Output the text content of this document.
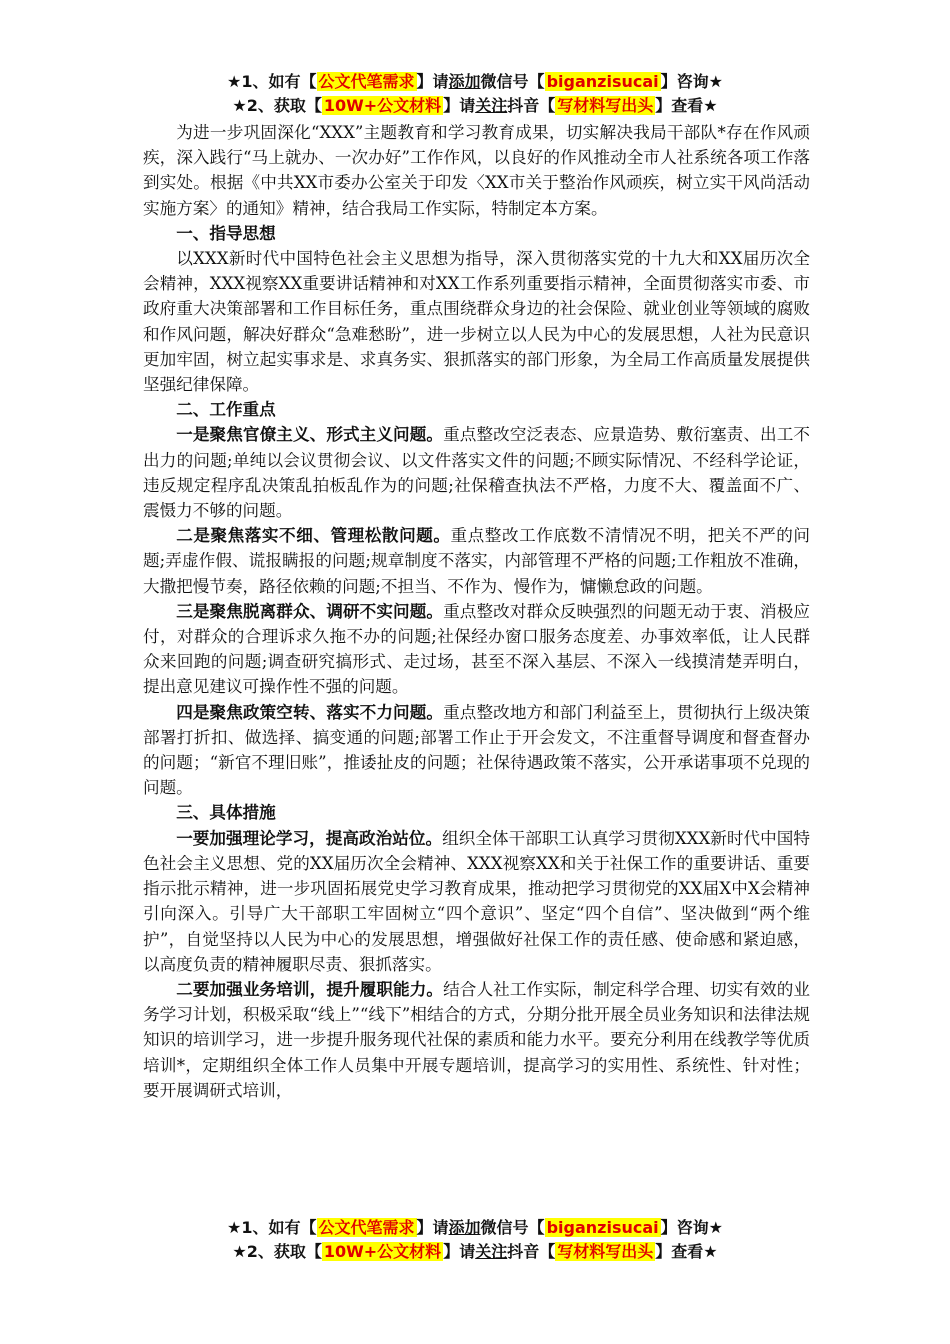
★1、如有【 公文代笔需求 】请添加微信号【 biganzisucai 】咨询★
★2、获取【 10W+公文材料 】请关注抖音【 写材料写出头 】查看★

为进一步巩固深化“XXX”主题教育和学习教育成果，切实解决我局干部队*存在作风顽疾，深入践行“马上就办、一次办好”工作作风，以良好的作风推动全市人社系统各项工作落到实处。根据《中共XX市委办公室关于印发〈XX市关于整治作风顽疾，树立实干风尚活动实施方案〉的通知》精神，结合我局工作实际，特制定本方案。

一、指导思想

以XXX新时代中国特色社会主义思想为指导，深入贯彻落实党的十九大和XX届历次全会精神，XXX视察XX重要讲话精神和对XX工作系列重要指示精神，全面贯彻落实市委、市政府重大决策部署和工作目标任务，重点围绕群众身边的社会保险、就业创业等领域的腐败和作风问题，解决好群众“急难愁盼”，进一步树立以人民为中心的发展思想，人社为民意识更加牢固，树立起实事求是、求真务实、狠抓落实的部门形象，为全局工作高质量发展提供坚强纪律保障。

二、工作重点

一是聚焦官僚主义、形式主义问题。重点整改空泛表态、应景造势、敷衍塞责、出工不出力的问题;单纯以会议贯彻会议、以文件落实文件的问题;不顾实际情况、不经科学论证，违反规定程序乱决策乱拍板乱作为的问题;社保稽查执法不严格，力度不大、覆盖面不广、震慑力不够的问题。

二是聚焦落实不细、管理松散问题。重点整改工作底数不清情况不明，把关不严的问题;弄虚作假、谎报瞒报的问题;规章制度不落实，内部管理不严格的问题;工作粗放不准确，大撒把慢节奏，路径依赖的问题;不担当、不作为、慢作为，慵懒怠政的问题。

三是聚焦脱离群众、调研不实问题。重点整改对群众反映强烈的问题无动于衷、消极应付，对群众的合理诉求久拖不办的问题;社保经办窗口服务态度差、办事效率低，让人民群众来回跑的问题;调查研究搞形式、走过场，甚至不深入基层、不深入一线摸清楚弄明白，提出意见建议可操作性不强的问题。

四是聚焦政策空转、落实不力问题。重点整改地方和部门利益至上，贯彻执行上级决策部署打折扣、做选择、搞变通的问题;部署工作止于开会发文，不注重督导调度和督查督办的问题；“新官不理旧账”，推诿扯皮的问题；社保待遇政策不落实，公开承诺事项不兑现的问题。

三、具体措施

一要加强理论学习，提高政治站位。组织全体干部职工认真学习贯彻XXX新时代中国特色社会主义思想、党的XX届历次全会精神、XXX视察XX和关于社保工作的重要讲话、重要指示批示精神，进一步巩固拓展党史学习教育成果，推动把学习贯彻党的XX届X中X会精神引向深入。引导广大干部职工牢固树立“四个意识”、坚定“四个自信”、坚决做到“两个维护”，自觉坚持以人民为中心的发展思想，增强做好社保工作的责任感、使命感和紧迫感，以高度负责的精神履职尽责、狠抓落实。

二要加强业务培训，提升履职能力。结合人社工作实际，制定科学合理、切实有效的业务学习计划，积极采取“线上”“线下”相结合的方式，分期分批开展全员业务知识和法律法规知识的培训学习，进一步提升服务现代社保的素质和能力水平。要充分利用在线教学等优质培训*，定期组织全体工作人员集中开展专题培训，提高学习的实用性、系统性、针对性；要开展调研式培训，

★1、如有【 公文代笔需求 】请添加微信号【 biganzisucai 】咨询★
★2、获取【 10W+公文材料 】请关注抖音【 写材料写出头 】查看★
